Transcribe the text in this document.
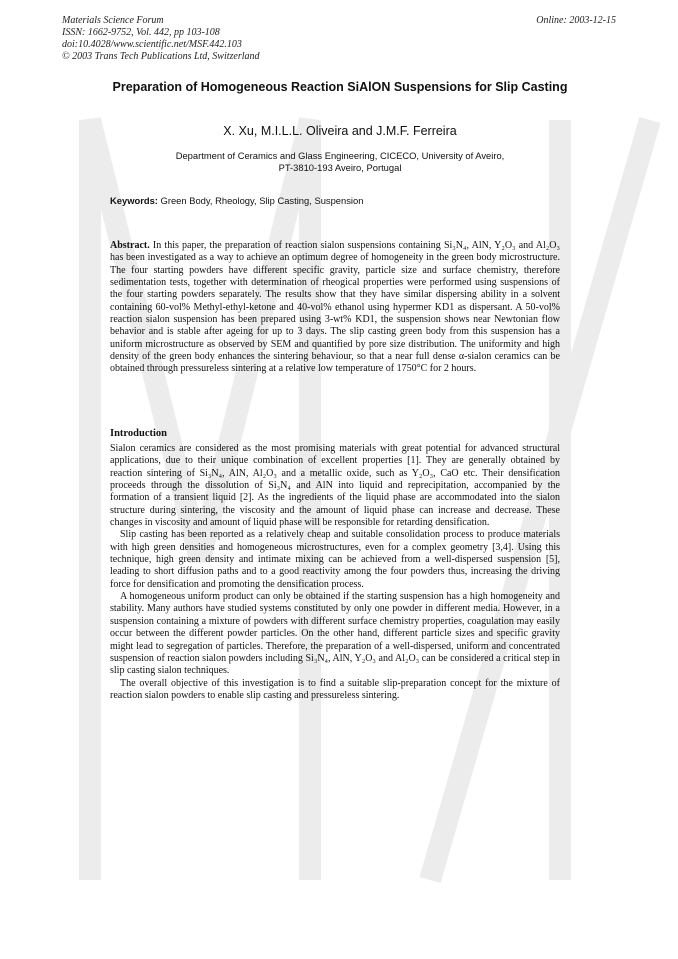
Materials Science Forum
ISSN: 1662-9752, Vol. 442, pp 103-108
doi:10.4028/www.scientific.net/MSF.442.103
© 2003 Trans Tech Publications Ltd, Switzerland
Online: 2003-12-15
Preparation of Homogeneous Reaction SiAlON Suspensions for Slip Casting
X. Xu, M.I.L.L. Oliveira and J.M.F. Ferreira
Department of Ceramics and Glass Engineering, CICECO, University of Aveiro,
PT-3810-193 Aveiro, Portugal
Keywords: Green Body, Rheology, Slip Casting, Suspension
Abstract. In this paper, the preparation of reaction sialon suspensions containing Si₃N₄, AlN, Y₂O₃ and Al₂O₃ has been investigated as a way to achieve an optimum degree of homogeneity in the green body microstructure. The four starting powders have different specific gravity, particle size and surface chemistry, therefore sedimentation tests, together with determination of rheogical properties were performed using suspensions of the four starting powders separately. The results show that they have similar dispersing ability in a solvent containing 60-vol% Methyl-ethyl-ketone and 40-vol% ethanol using hypermer KD1 as dispersant. A 50-vol% reaction sialon suspension has been prepared using 3-wt% KD1, the suspension shows near Newtonian flow behavior and is stable after ageing for up to 3 days. The slip casting green body from this suspension has a uniform microstructure as observed by SEM and quantified by pore size distribution. The uniformity and high density of the green body enhances the sintering behaviour, so that a near full dense α-sialon ceramics can be obtained through pressureless sintering at a relative low temperature of 1750°C for 2 hours.
Introduction

Sialon ceramics are considered as the most promising materials with great potential for advanced structural applications, due to their unique combination of excellent properties [1]. They are generally obtained by reaction sintering of Si₃N₄, AlN, Al₂O₃ and a metallic oxide, such as Y₂O₃, CaO etc. Their densification proceeds through the dissolution of Si₃N₄ and AlN into liquid and reprecipitation, accompanied by the formation of a transient liquid [2]. As the ingredients of the liquid phase are accommodated into the sialon structure during sintering, the viscosity and the amount of liquid phase can increase and decrease. These changes in viscosity and amount of liquid phase will be responsible for retarding densification.

Slip casting has been reported as a relatively cheap and suitable consolidation process to produce materials with high green densities and homogeneous microstructures, even for a complex geometry [3,4]. Using this technique, high green density and intimate mixing can be achieved from a well-dispersed suspension [5], leading to short diffusion paths and to a good reactivity among the four powders thus, increasing the driving force for densification and promoting the densification process.

A homogeneous uniform product can only be obtained if the starting suspension has a high homogeneity and stability. Many authors have studied systems constituted by only one powder in different media. However, in a suspension containing a mixture of powders with different surface chemistry properties, coagulation may easily occur between the different powder particles. On the other hand, different particle sizes and specific gravity might lead to segregation of particles. Therefore, the preparation of a well-dispersed, uniform and concentrated suspension of reaction sialon powders including Si₃N₄, AlN, Y₂O₃ and Al₂O₃ can be considered a critical step in slip casting sialon techniques.

The overall objective of this investigation is to find a suitable slip-preparation concept for the mixture of reaction sialon powders to enable slip casting and pressureless sintering.
